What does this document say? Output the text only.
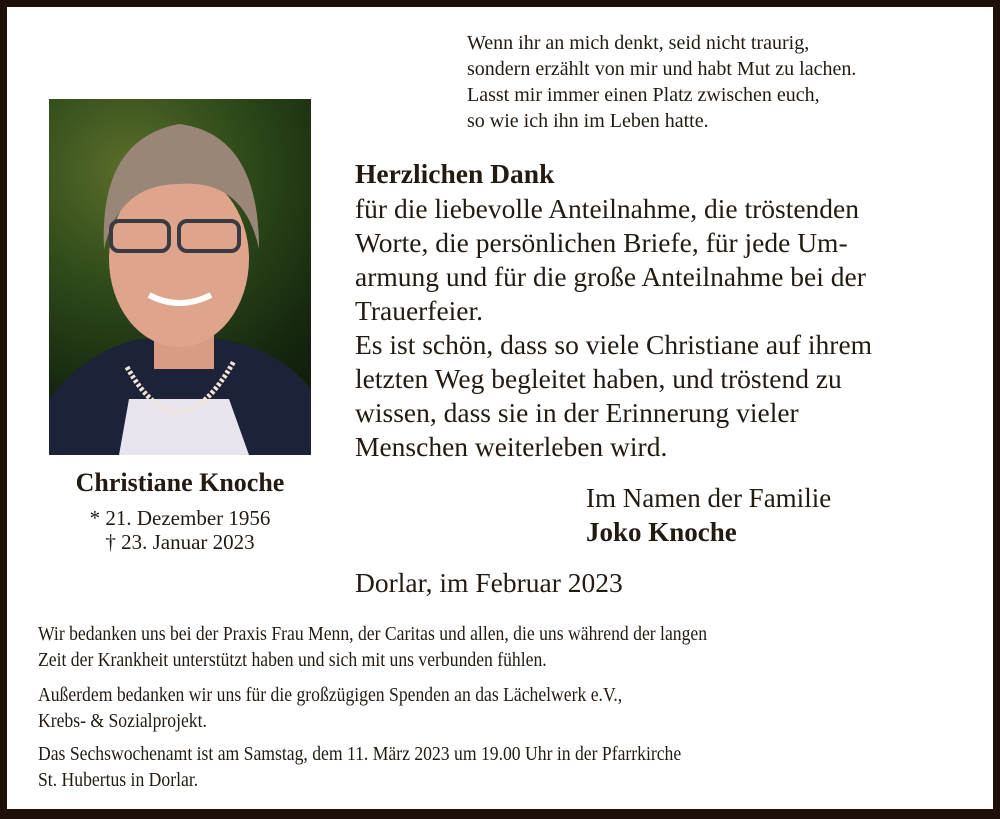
Wenn ihr an mich denkt, seid nicht traurig,
sondern erzählt von mir und habt Mut zu lachen.
Lasst mir immer einen Platz zwischen euch,
so wie ich ihn im Leben hatte.
Christiane Knoche
* 21. Dezember 1956
† 23. Januar 2023
Herzlichen Dank
für die liebevolle Anteilnahme, die tröstenden
Worte, die persönlichen Briefe, für jede Um-
armung und für die große Anteilnahme bei der
Trauerfeier.
Es ist schön, dass so viele Christiane auf ihrem
letzten Weg begleitet haben, und tröstend zu
wissen, dass sie in der Erinnerung vieler
Menschen weiterleben wird.
Im Namen der Familie
Joko Knoche
Dorlar, im Februar 2023
Wir bedanken uns bei der Praxis Frau Menn, der Caritas und allen, die uns während der langen
Zeit der Krankheit unterstützt haben und sich mit uns verbunden fühlen.
Außerdem bedanken wir uns für die großzügigen Spenden an das Lächelwerk e.V.,
Krebs- & Sozialprojekt.
Das Sechswochenamt ist am Samstag, dem 11. März 2023 um 19.00 Uhr in der Pfarrkirche
St. Hubertus in Dorlar.
